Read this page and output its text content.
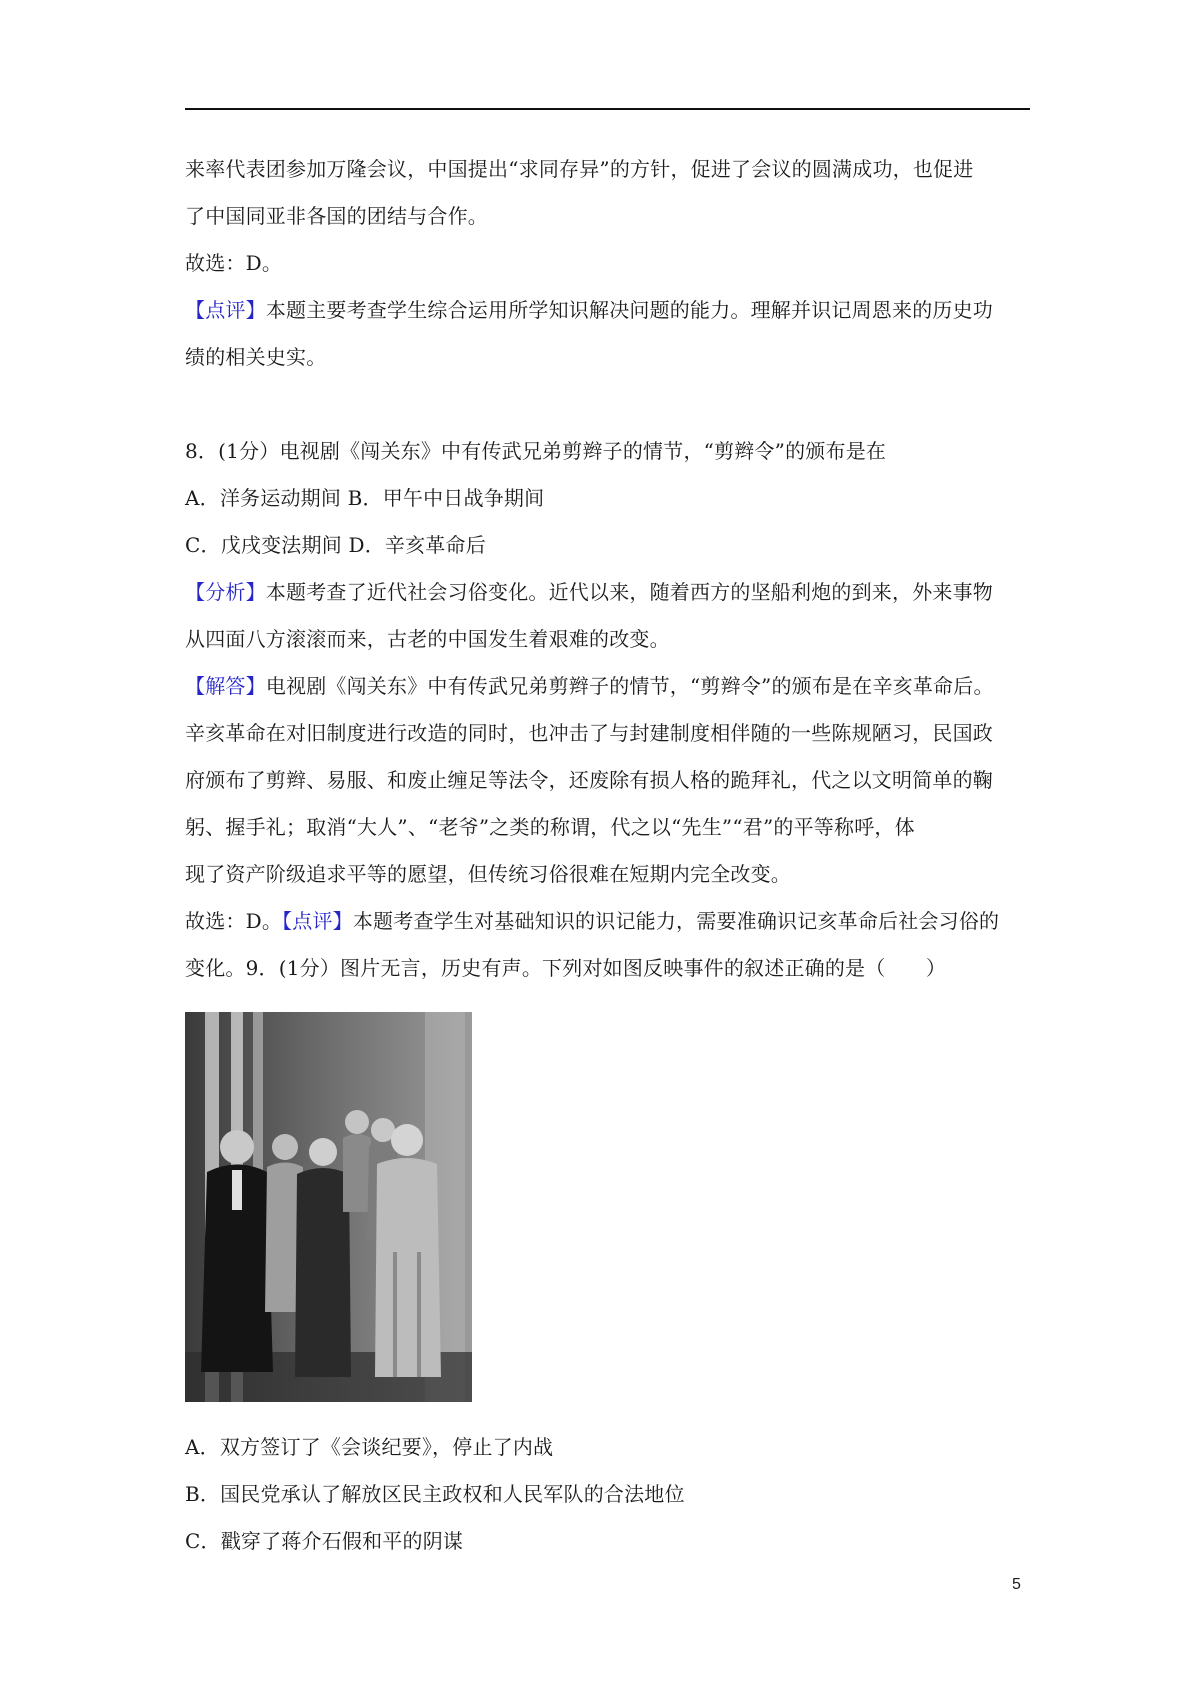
来率代表团参加万隆会议，中国提出“求同存异”的方针，促进了会议的圆满成功，也促进
了中国同亚非各国的团结与合作。
故选：D。
【点评】本题主要考查学生综合运用所学知识解决问题的能力。理解并识记周恩来的历史功
绩的相关史实。
8．(1分）电视剧《闯关东》中有传武兄弟剪辫子的情节，“剪辫令”的颁布是在
A．洋务运动期间 B．甲午中日战争期间
C．戊戌变法期间 D．辛亥革命后
【分析】本题考查了近代社会习俗变化。近代以来，随着西方的坚船利炮的到来，外来事物
从四面八方滚滚而来，古老的中国发生着艰难的改变。
【解答】电视剧《闯关东》中有传武兄弟剪辫子的情节，“剪辫令”的颁布是在辛亥革命后。
辛亥革命在对旧制度进行改造的同时，也冲击了与封建制度相伴随的一些陈规陋习，民国政
府颁布了剪辫、易服、和废止缠足等法令，还废除有损人格的跪拜礼，代之以文明简单的鞠
躬、握手礼；取消“大人”、“老爷”之类的称谓，代之以“先生”“君”的平等称呼，体
现了资产阶级追求平等的愿望，但传统习俗很难在短期内完全改变。
故选：D。【点评】本题考查学生对基础知识的识记能力，需要准确识记亥革命后社会习俗的
变化。9．(1分）图片无言，历史有声。下列对如图反映事件的叙述正确的是（　　）
A．双方签订了《会谈纪要》，停止了内战
B．国民党承认了解放区民主政权和人民军队的合法地位
C．戳穿了蒋介石假和平的阴谋
5
